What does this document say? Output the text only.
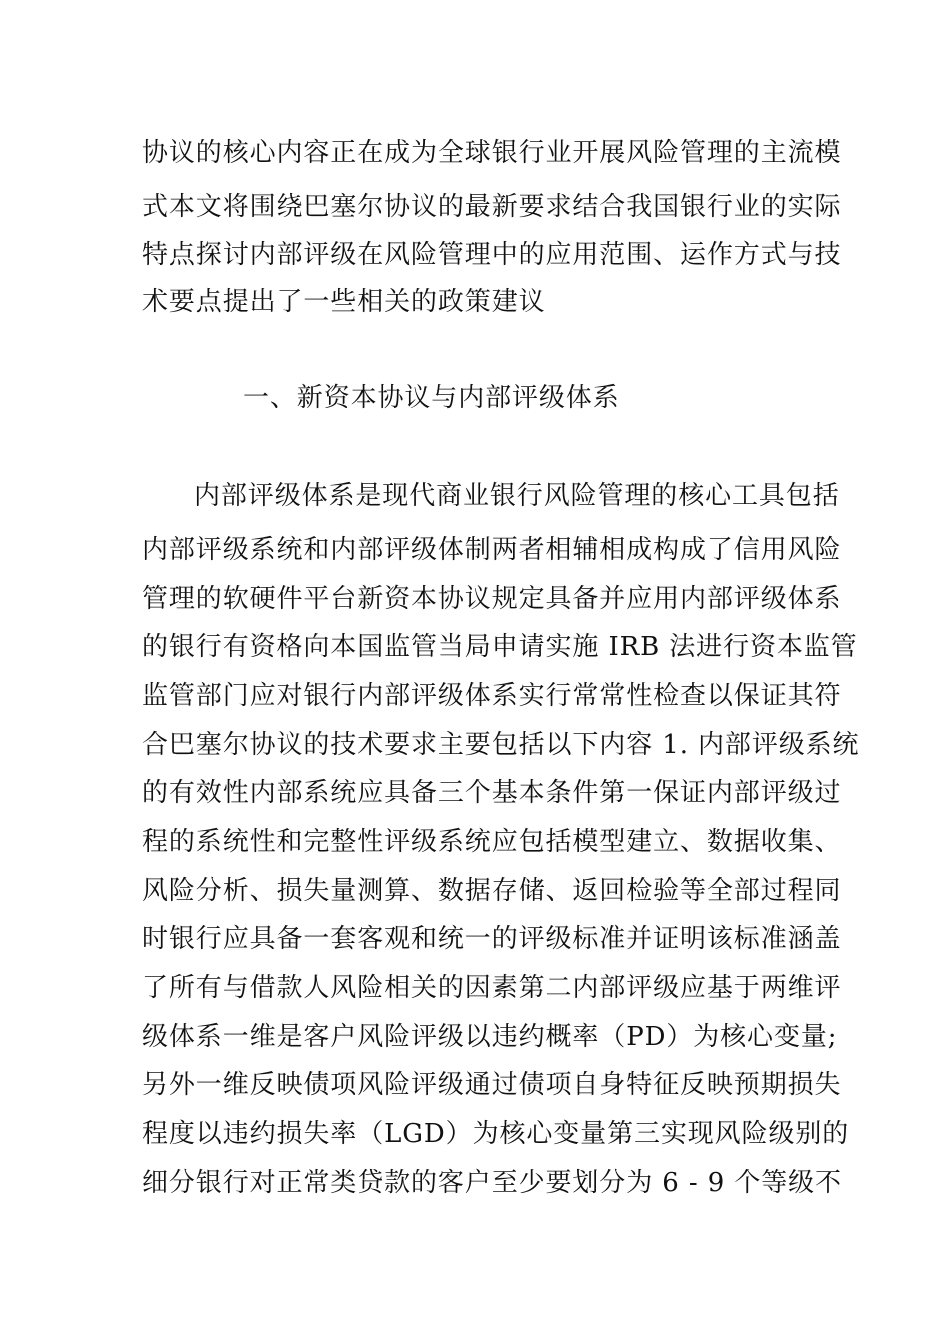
协议的核心内容正在成为全球银行业开展风险管理的主流模
式本文将围绕巴塞尔协议的最新要求结合我国银行业的实际
特点探讨内部评级在风险管理中的应用范围、运作方式与技
术要点提出了一些相关的政策建议
一、新资本协议与内部评级体系
内部评级体系是现代商业银行风险管理的核心工具包括
内部评级系统和内部评级体制两者相辅相成构成了信用风险
管理的软硬件平台新资本协议规定具备并应用内部评级体系
的银行有资格向本国监管当局申请实施 IRB 法进行资本监管
监管部门应对银行内部评级体系实行常常性检查以保证其符
合巴塞尔协议的技术要求主要包括以下内容 1. 内部评级系统
的有效性内部系统应具备三个基本条件第一保证内部评级过
程的系统性和完整性评级系统应包括模型建立、数据收集、
风险分析、损失量测算、数据存储、返回检验等全部过程同
时银行应具备一套客观和统一的评级标准并证明该标准涵盖
了所有与借款人风险相关的因素第二内部评级应基于两维评
级体系一维是客户风险评级以违约概率（PD）为核心变量;
另外一维反映债项风险评级通过债项自身特征反映预期损失
程度以违约损失率（LGD）为核心变量第三实现风险级别的
细分银行对正常类贷款的客户至少要划分为 6 - 9 个等级不
